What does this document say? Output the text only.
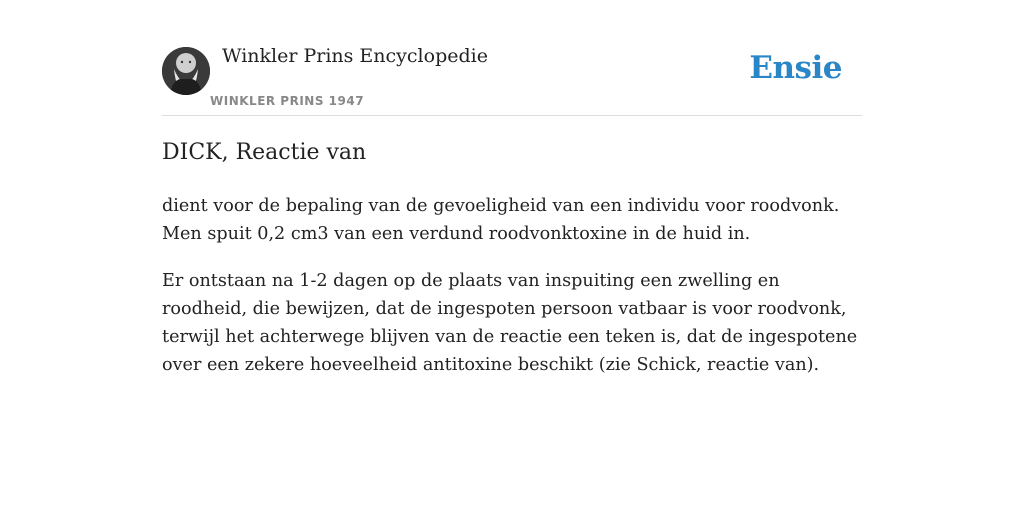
Winkler Prins Encyclopedie
WINKLER PRINS 1947
Ensie
DICK, Reactie van

dient voor de bepaling van de gevoeligheid van een individu voor roodvonk. Men spuit 0,2 cm3 van een verdund roodvonktoxine in de huid in.

Er ontstaan na 1-2 dagen op de plaats van inspuiting een zwelling en roodheid, die bewijzen, dat de ingespoten persoon vatbaar is voor roodvonk, terwijl het achterwege blijven van de reactie een teken is, dat de ingespotene over een zekere hoeveelheid antitoxine beschikt (zie Schick, reactie van).
